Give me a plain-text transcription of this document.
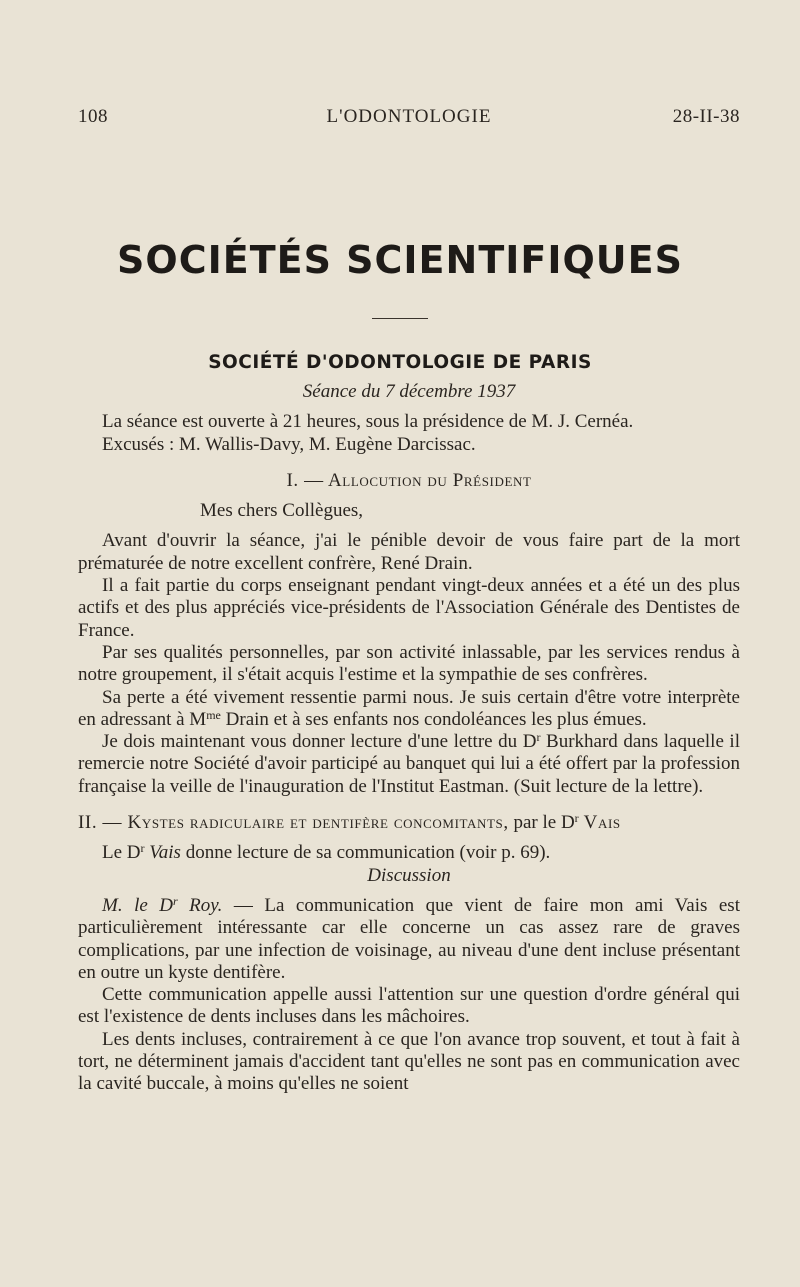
108	L'ODONTOLOGIE	28-II-38
SOCIÉTÉS SCIENTIFIQUES
SOCIÉTÉ D'ODONTOLOGIE DE PARIS

Séance du 7 décembre 1937

La séance est ouverte à 21 heures, sous la présidence de M. J. Cernéa.

Excusés : M. Wallis-Davy, M. Eugène Darcissac.

I. — Allocution du Président

Mes chers Collègues,

Avant d'ouvrir la séance, j'ai le pénible devoir de vous faire part de la mort prématurée de notre excellent confrère, René Drain.

Il a fait partie du corps enseignant pendant vingt-deux années et a été un des plus actifs et des plus appréciés vice-présidents de l'Association Générale des Dentistes de France.

Par ses qualités personnelles, par son activité inlassable, par les services rendus à notre groupement, il s'était acquis l'estime et la sympathie de ses confrères.

Sa perte a été vivement ressentie parmi nous. Je suis certain d'être votre interprète en adressant à $M^{me}$ Drain et à ses enfants nos condoléances les plus émues.

Je dois maintenant vous donner lecture d'une lettre du $D^r$ Burkhard dans laquelle il remercie notre Société d'avoir participé au banquet qui lui a été offert par la profession française la veille de l'inauguration de l'Institut Eastman. (Suit lecture de la lettre).

II. — Kystes radiculaire et dentifère concomitants, par le $D^r$ Vais

Le $D^r$ Vais donne lecture de sa communication (voir p. 69).

Discussion

M. le $D^r$ Roy. — La communication que vient de faire mon ami Vais est particulièrement intéressante car elle concerne un cas assez rare de graves complications, par une infection de voisinage, au niveau d'une dent incluse présentant en outre un kyste dentifère.

Cette communication appelle aussi l'attention sur une question d'ordre général qui est l'existence de dents incluses dans les mâchoires.

Les dents incluses, contrairement à ce que l'on avance trop souvent, et tout à fait à tort, ne déterminent jamais d'accident tant qu'elles ne sont pas en communication avec la cavité buccale, à moins qu'elles ne soient
